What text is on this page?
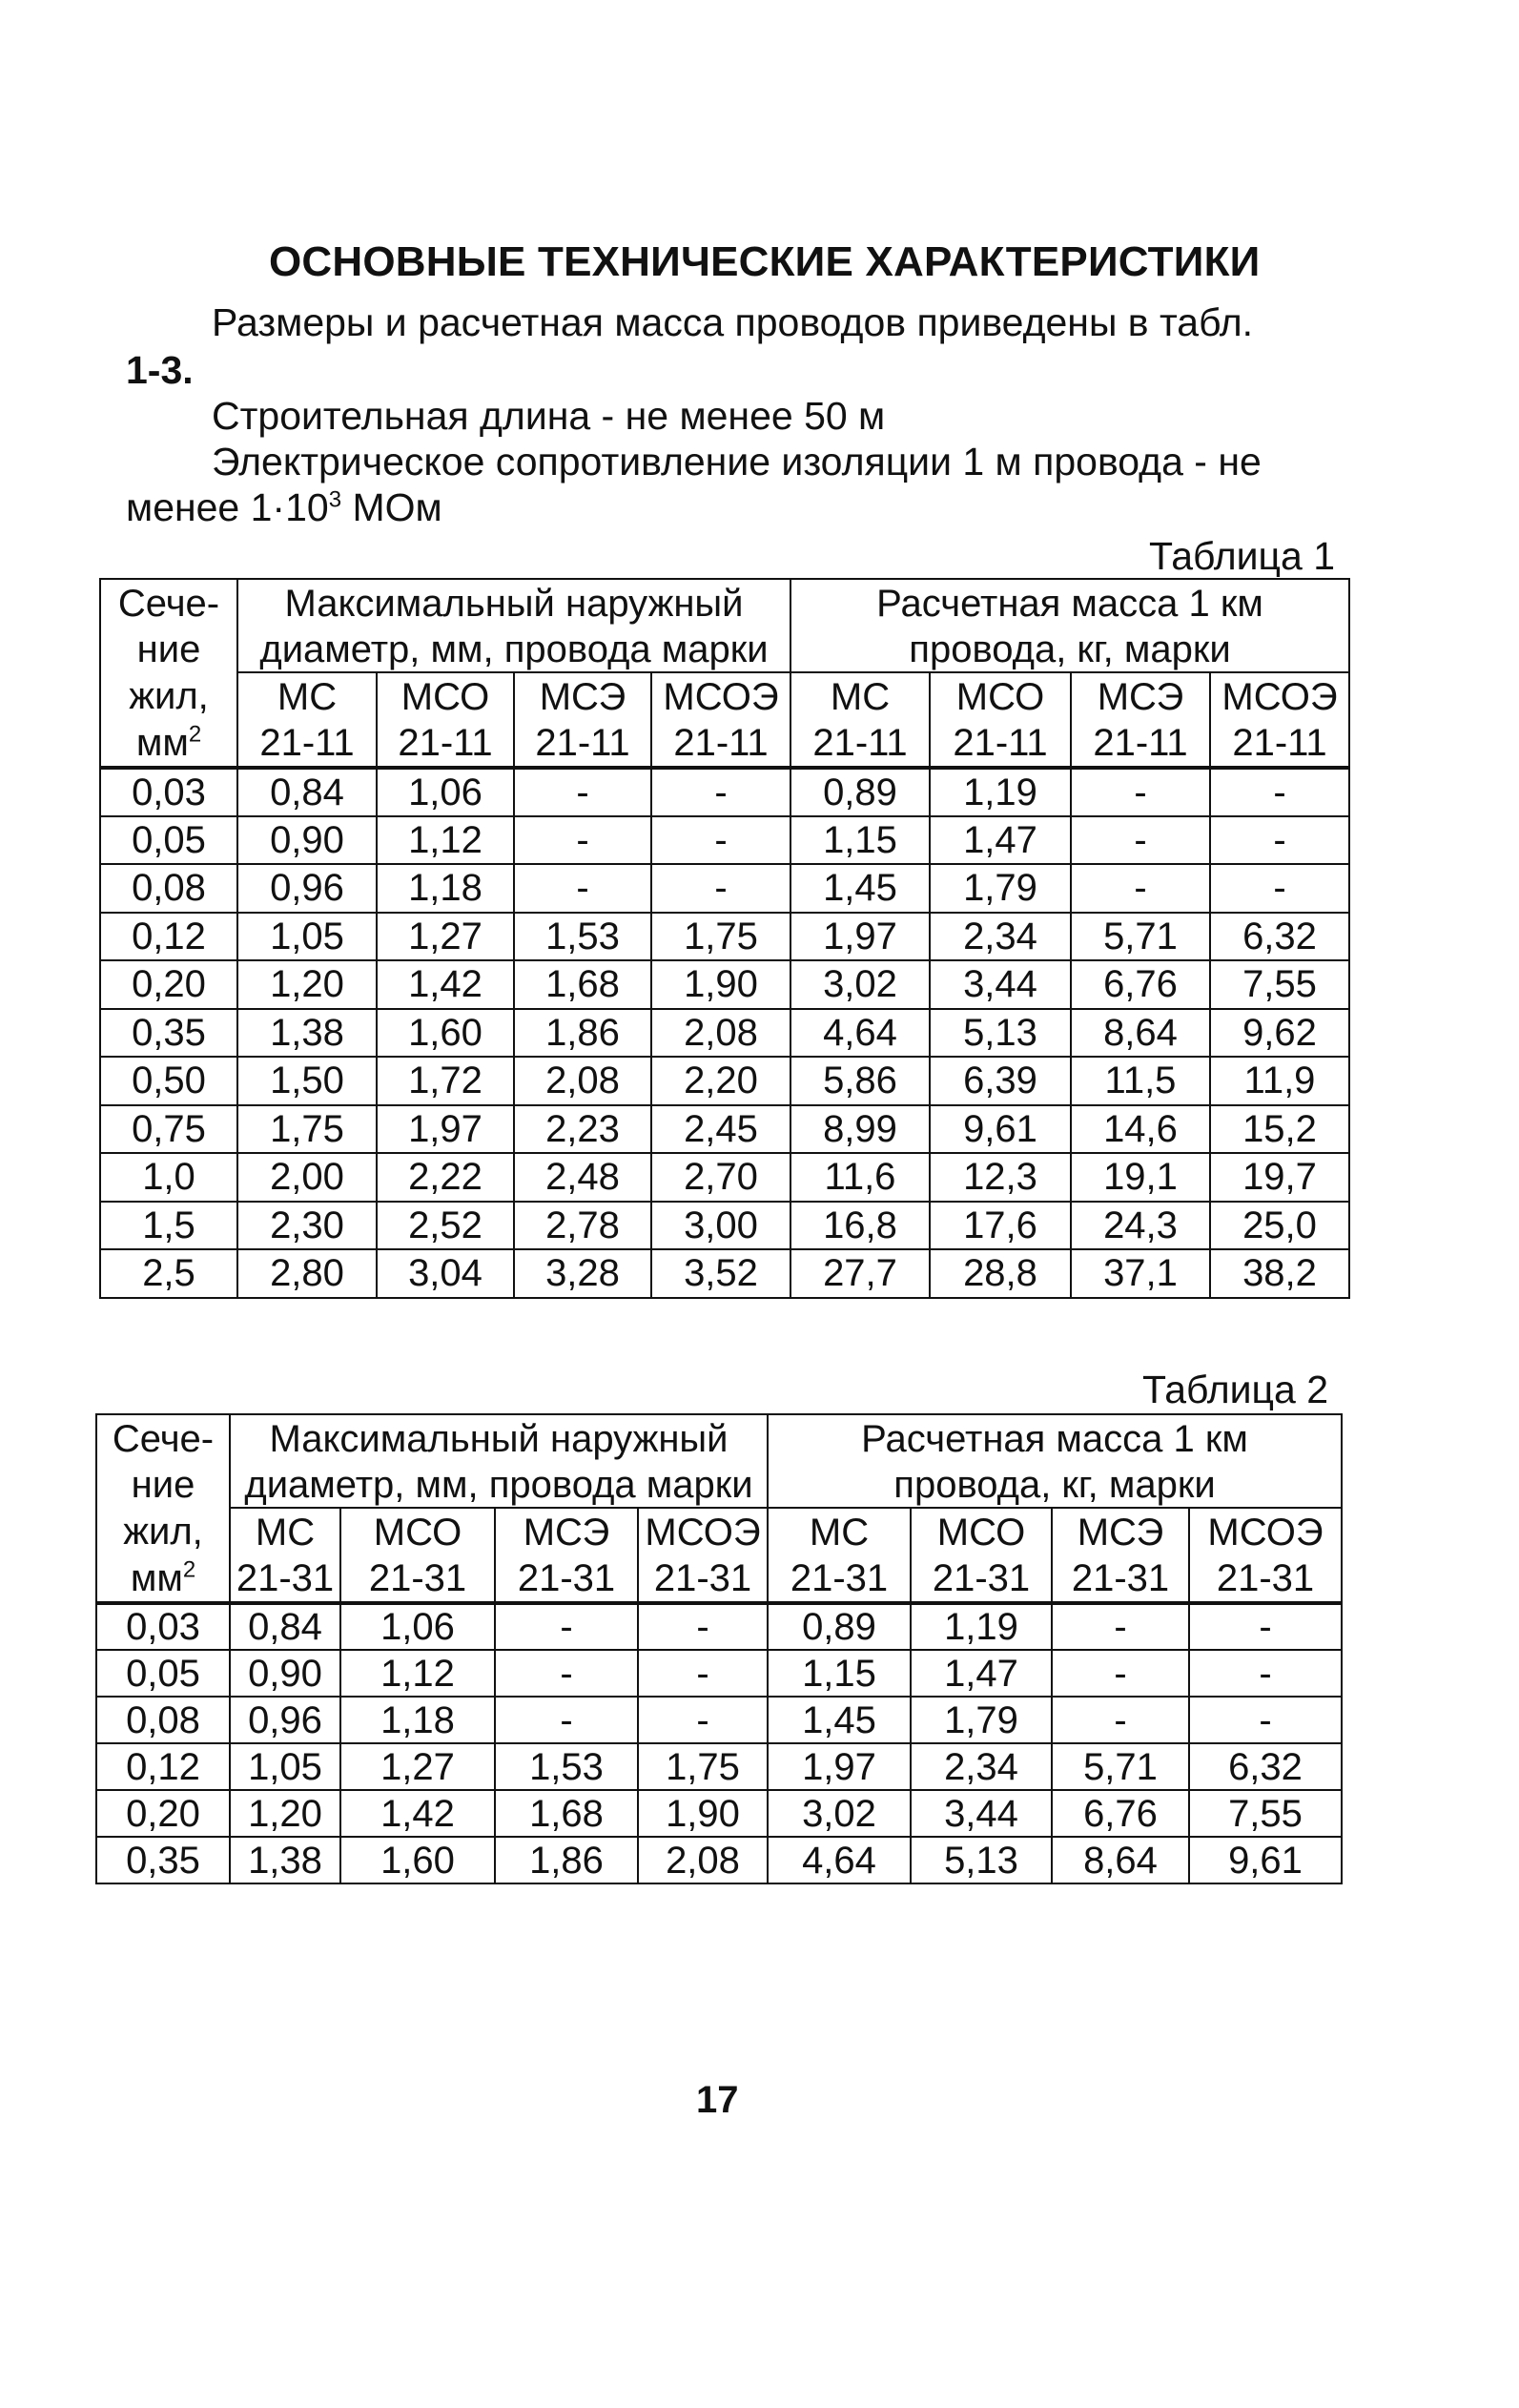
ОСНОВНЫЕ ТЕХНИЧЕСКИЕ ХАРАКТЕРИСТИКИ
Размеры и расчетная масса проводов приведены в табл.
1-3.
Строительная длина - не менее 50 м
Электрическое сопротивление изоляции 1 м провода - не
менее $1\cdot 10^3$ МОм
Таблица 1
Сече-	Максимальный наружный				Расчетная масса 1 км			
ние	диаметр, мм, провода марки				провода, кг, марки			
жил,	МС	МСО	МСЭ	МСОЭ	МС	МСО	МСЭ	МСОЭ
$мм^2$	21-11	21-11	21-11	21-11	21-11	21-11	21-11	21-11
0,03	0,84	1,06	-	-	0,89	1,19	-	-
0,05	0,90	1,12	-	-	1,15	1,47	-	-
0,08	0,96	1,18	-	-	1,45	1,79	-	-
0,12	1,05	1,27	1,53	1,75	1,97	2,34	5,71	6,32
0,20	1,20	1,42	1,68	1,90	3,02	3,44	6,76	7,55
0,35	1,38	1,60	1,86	2,08	4,64	5,13	8,64	9,62
0,50	1,50	1,72	2,08	2,20	5,86	6,39	11,5	11,9
0,75	1,75	1,97	2,23	2,45	8,99	9,61	14,6	15,2
1,0	2,00	2,22	2,48	2,70	11,6	12,3	19,1	19,7
1,5	2,30	2,52	2,78	3,00	16,8	17,6	24,3	25,0
2,5	2,80	3,04	3,28	3,52	27,7	28,8	37,1	38,2
Таблица 2
Сече-	Максимальный наружный				Расчетная масса 1 км			
ние	диаметр, мм, провода марки				провода, кг, марки			
жил,	МС	МСО	МСЭ	МСОЭ	МС	МСО	МСЭ	МСОЭ
$мм^2$	21-31	21-31	21-31	21-31	21-31	21-31	21-31	21-31
0,03	0,84	1,06	-	-	0,89	1,19	-	-
0,05	0,90	1,12	-	-	1,15	1,47	-	-
0,08	0,96	1,18	-	-	1,45	1,79	-	-
0,12	1,05	1,27	1,53	1,75	1,97	2,34	5,71	6,32
0,20	1,20	1,42	1,68	1,90	3,02	3,44	6,76	7,55
0,35	1,38	1,60	1,86	2,08	4,64	5,13	8,64	9,61
17
